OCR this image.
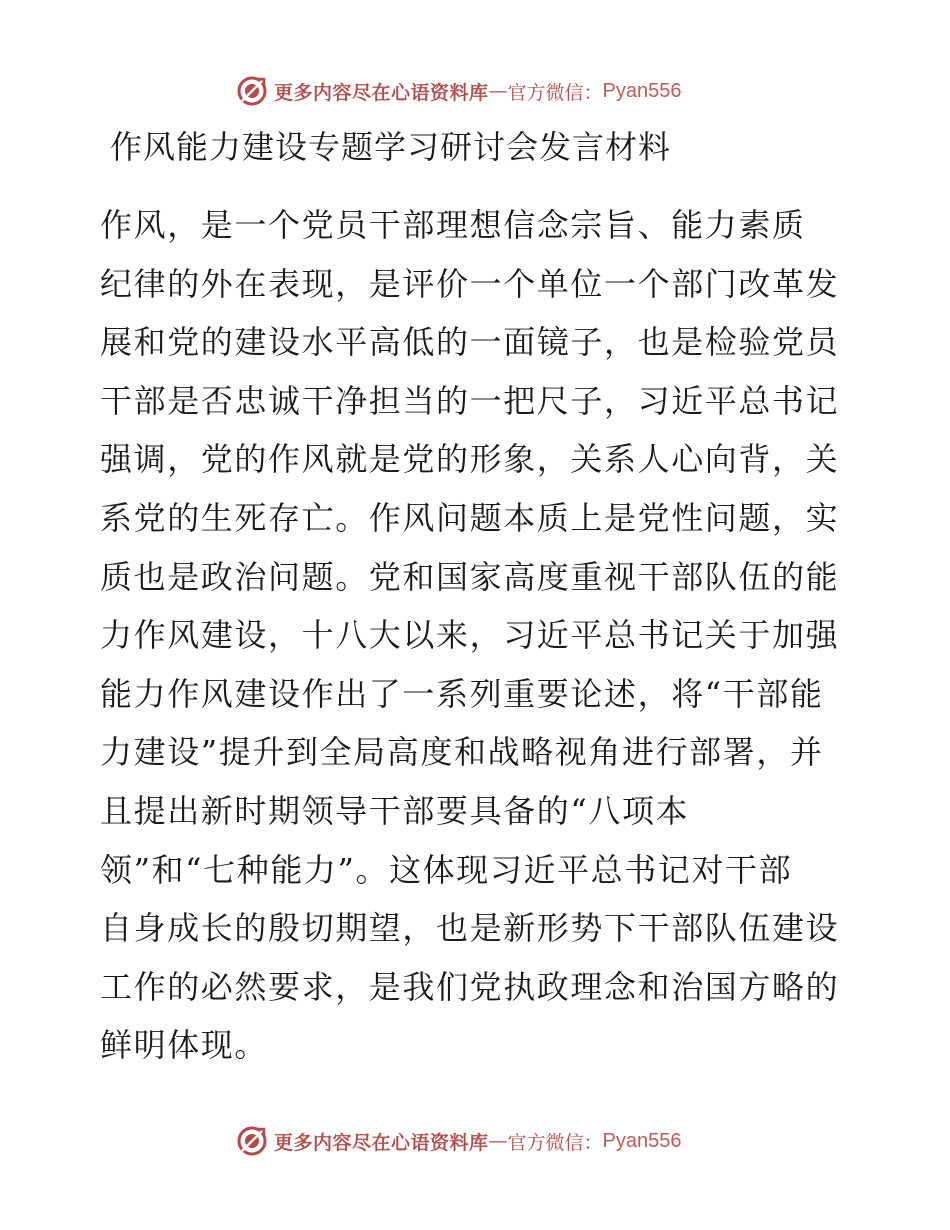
更多内容尽在心语资料库 — 官方微信： Pyan556
作风能力建设专题学习研讨会发言材料
作风，是一个党员干部理想信念宗旨、能力素质
纪律的外在表现，是评价一个单位一个部门改革发
展和党的建设水平高低的一面镜子，也是检验党员
干部是否忠诚干净担当的一把尺子，习近平总书记
强调，党的作风就是党的形象，关系人心向背，关
系党的生死存亡。作风问题本质上是党性问题，实
质也是政治问题。党和国家高度重视干部队伍的能
力作风建设，十八大以来，习近平总书记关于加强
能力作风建设作出了一系列重要论述，将“干部能
力建设”提升到全局高度和战略视角进行部署，并
且提出新时期领导干部要具备的“八项本
领”和“七种能力”。这体现习近平总书记对干部
自身成长的殷切期望，也是新形势下干部队伍建设
工作的必然要求，是我们党执政理念和治国方略的
鲜明体现。
更多内容尽在心语资料库 — 官方微信： Pyan556
